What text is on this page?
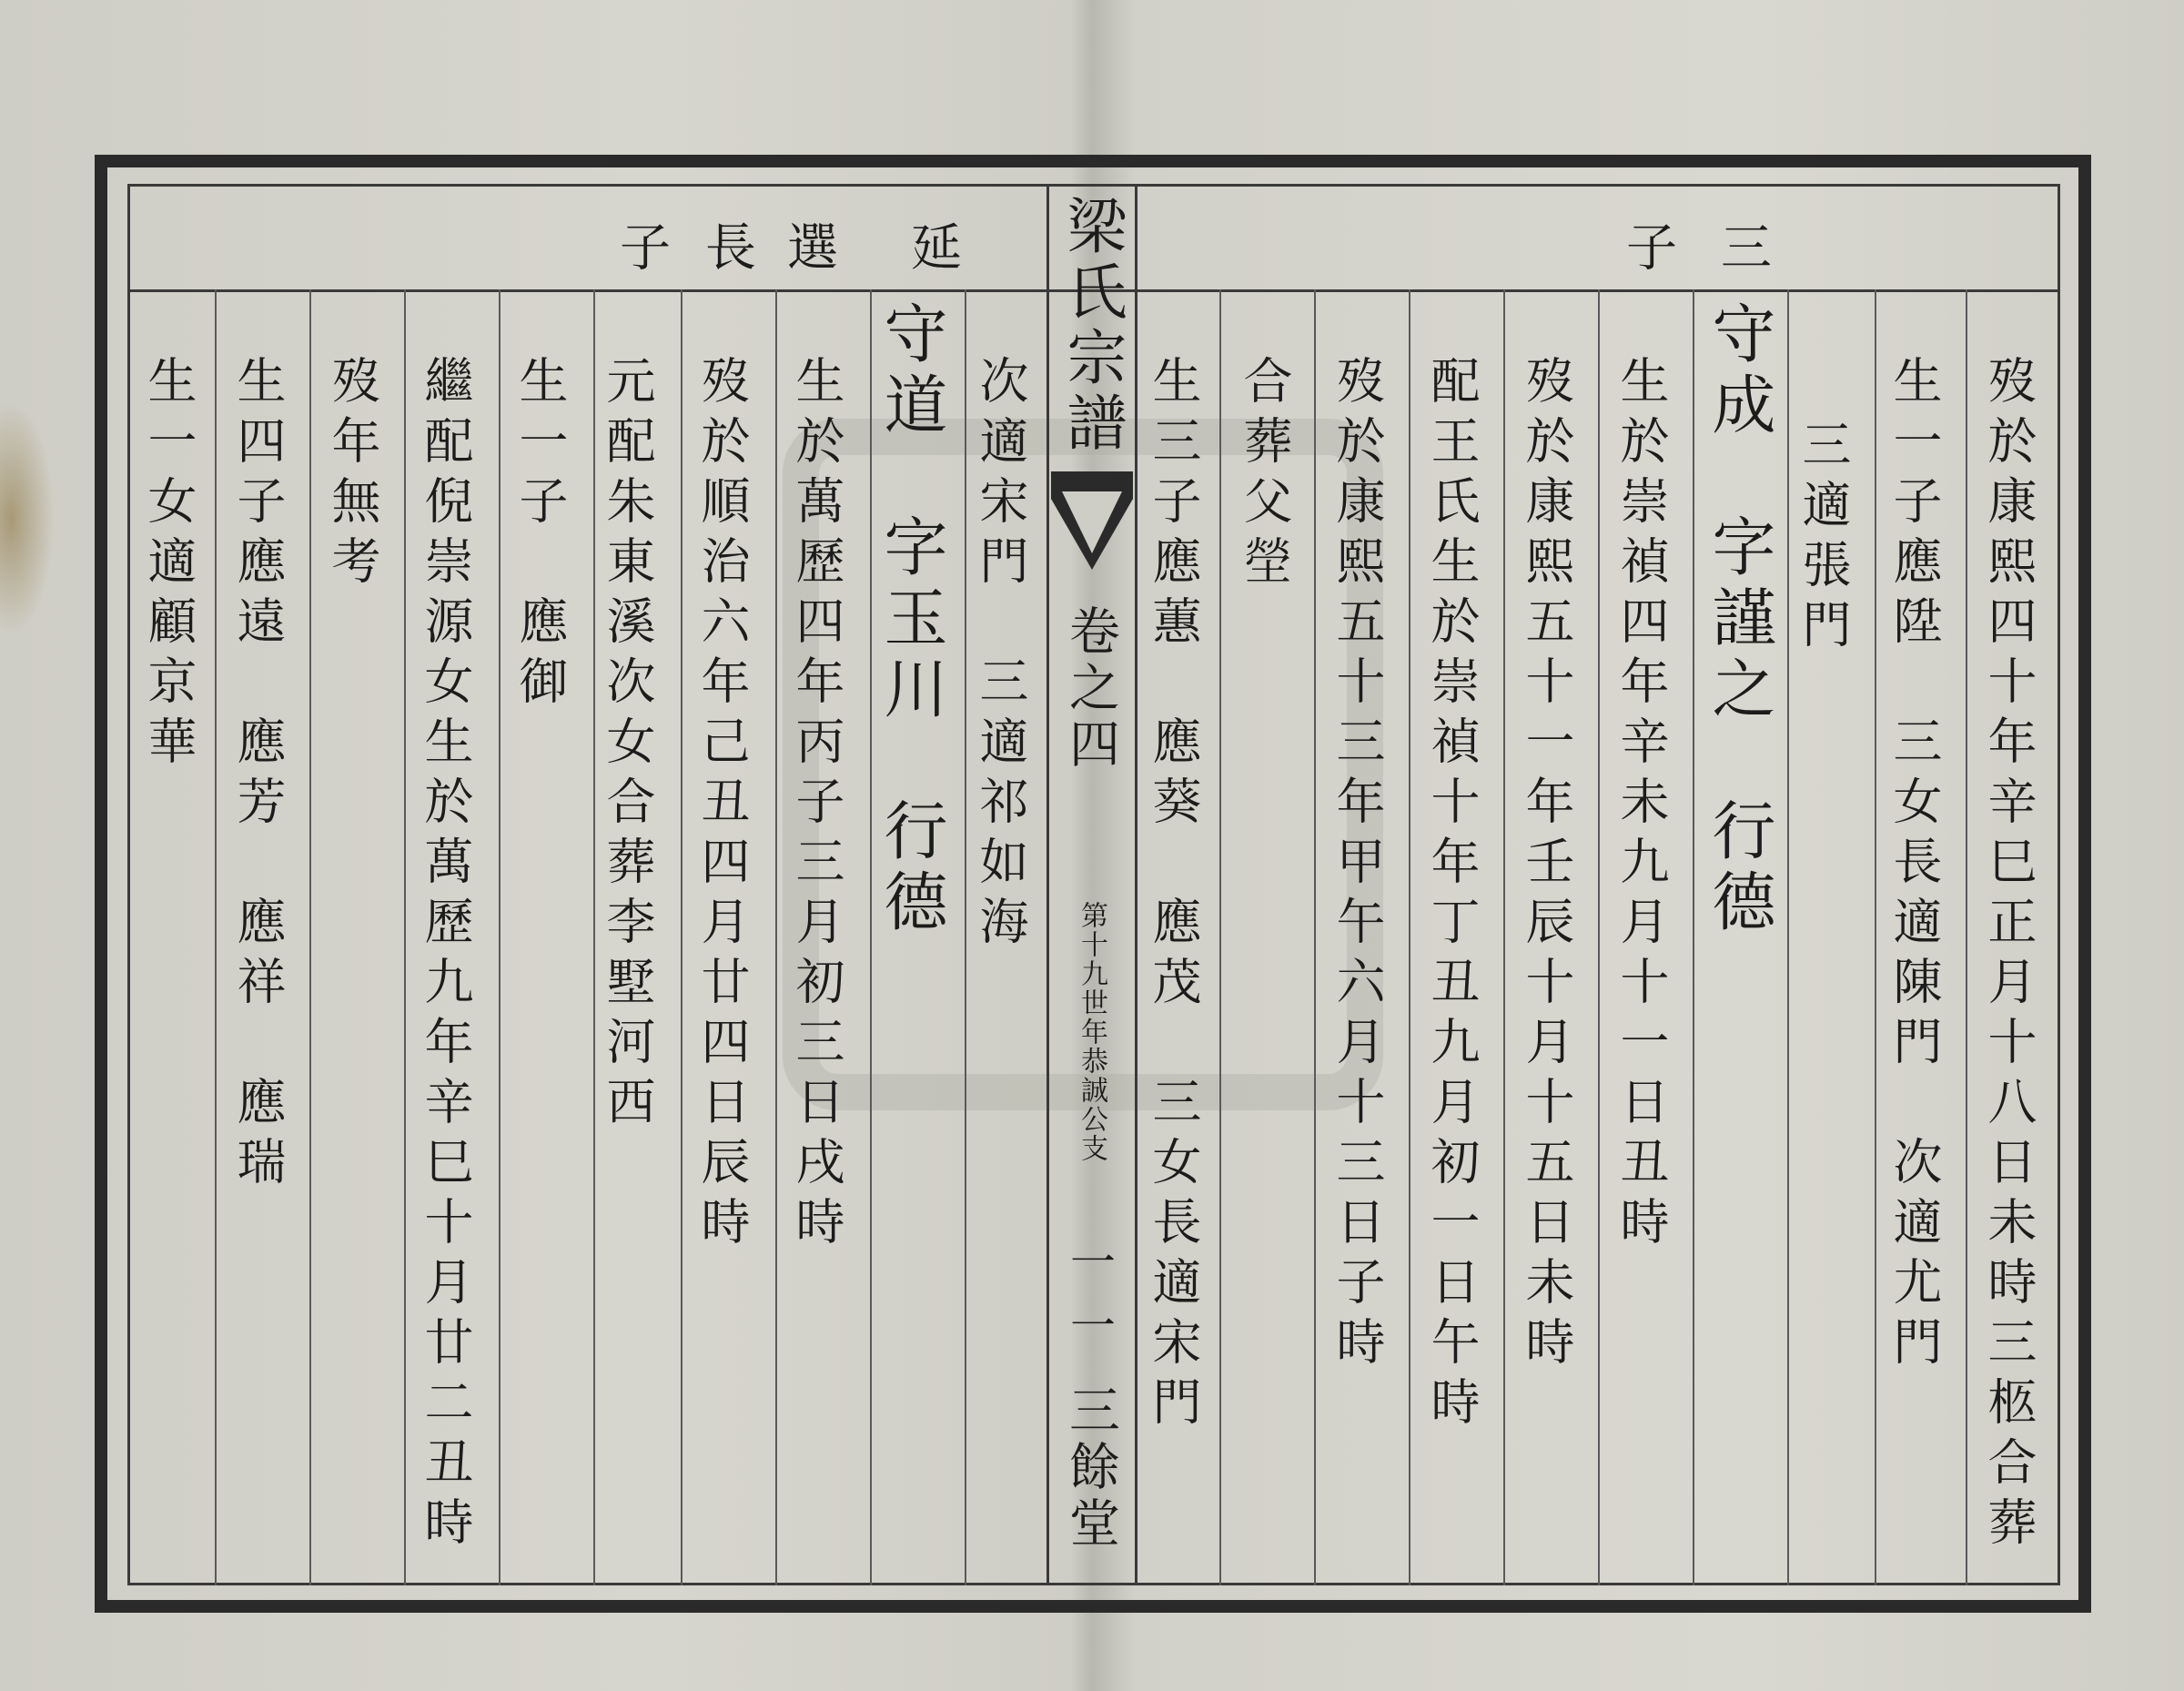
梁氏宗譜
卷之四
第十九世年恭誠公支
一一
三餘堂
三
子
延
選
長
子
歿於康熙四十年辛巳正月十八日未時三柩合葬
生一子應陞　三女長適陳門　次適尤門
三適張門
守成　字謹之　行德
生於崇禎四年辛未九月十一日丑時
歿於康熙五十一年壬辰十月十五日未時
配王氏生於崇禎十年丁丑九月初一日午時
歿於康熙五十三年甲午六月十三日子時
合葬父塋
生三子應蕙　應葵　應茂　三女長適宋門
次適宋門　三適祁如海
守道　字玉川　行德
生於萬歷四年丙子三月初三日戌時
歿於順治六年己丑四月廿四日辰時
元配朱東溪次女合葬李墅河西
生一子　應御
繼配倪崇源女生於萬歷九年辛巳十月廿二丑時
歿年無考
生四子應遠　應芳　應祥　應瑞
生一女適顧京華
